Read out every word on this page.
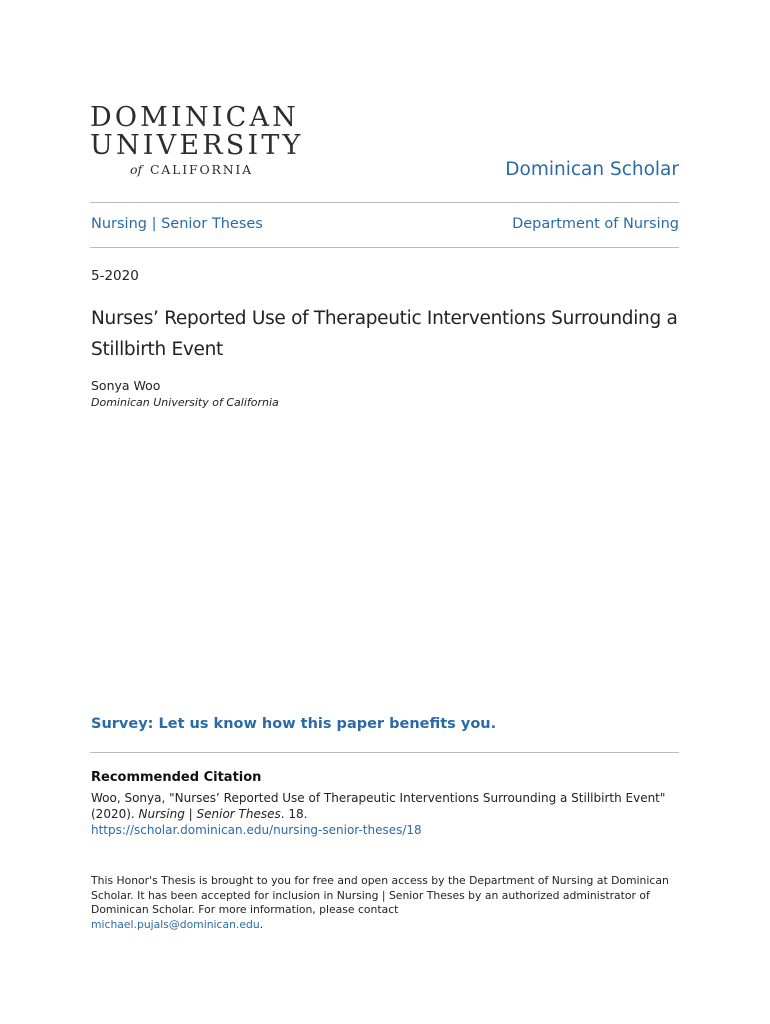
DOMINICAN
UNIVERSITY
of CALIFORNIA	Dominican Scholar
Nursing | Senior Theses	Department of Nursing
5-2020
Nurses’ Reported Use of Therapeutic Interventions Surrounding a Stillbirth Event
Sonya Woo
Dominican University of California
Survey: Let us know how this paper benefits you.
Recommended Citation
Woo, Sonya, "Nurses’ Reported Use of Therapeutic Interventions Surrounding a Stillbirth Event" (2020). Nursing | Senior Theses. 18.
https://scholar.dominican.edu/nursing-senior-theses/18
This Honor's Thesis is brought to you for free and open access by the Department of Nursing at Dominican Scholar. It has been accepted for inclusion in Nursing | Senior Theses by an authorized administrator of Dominican Scholar. For more information, please contact
michael.pujals@dominican.edu.
